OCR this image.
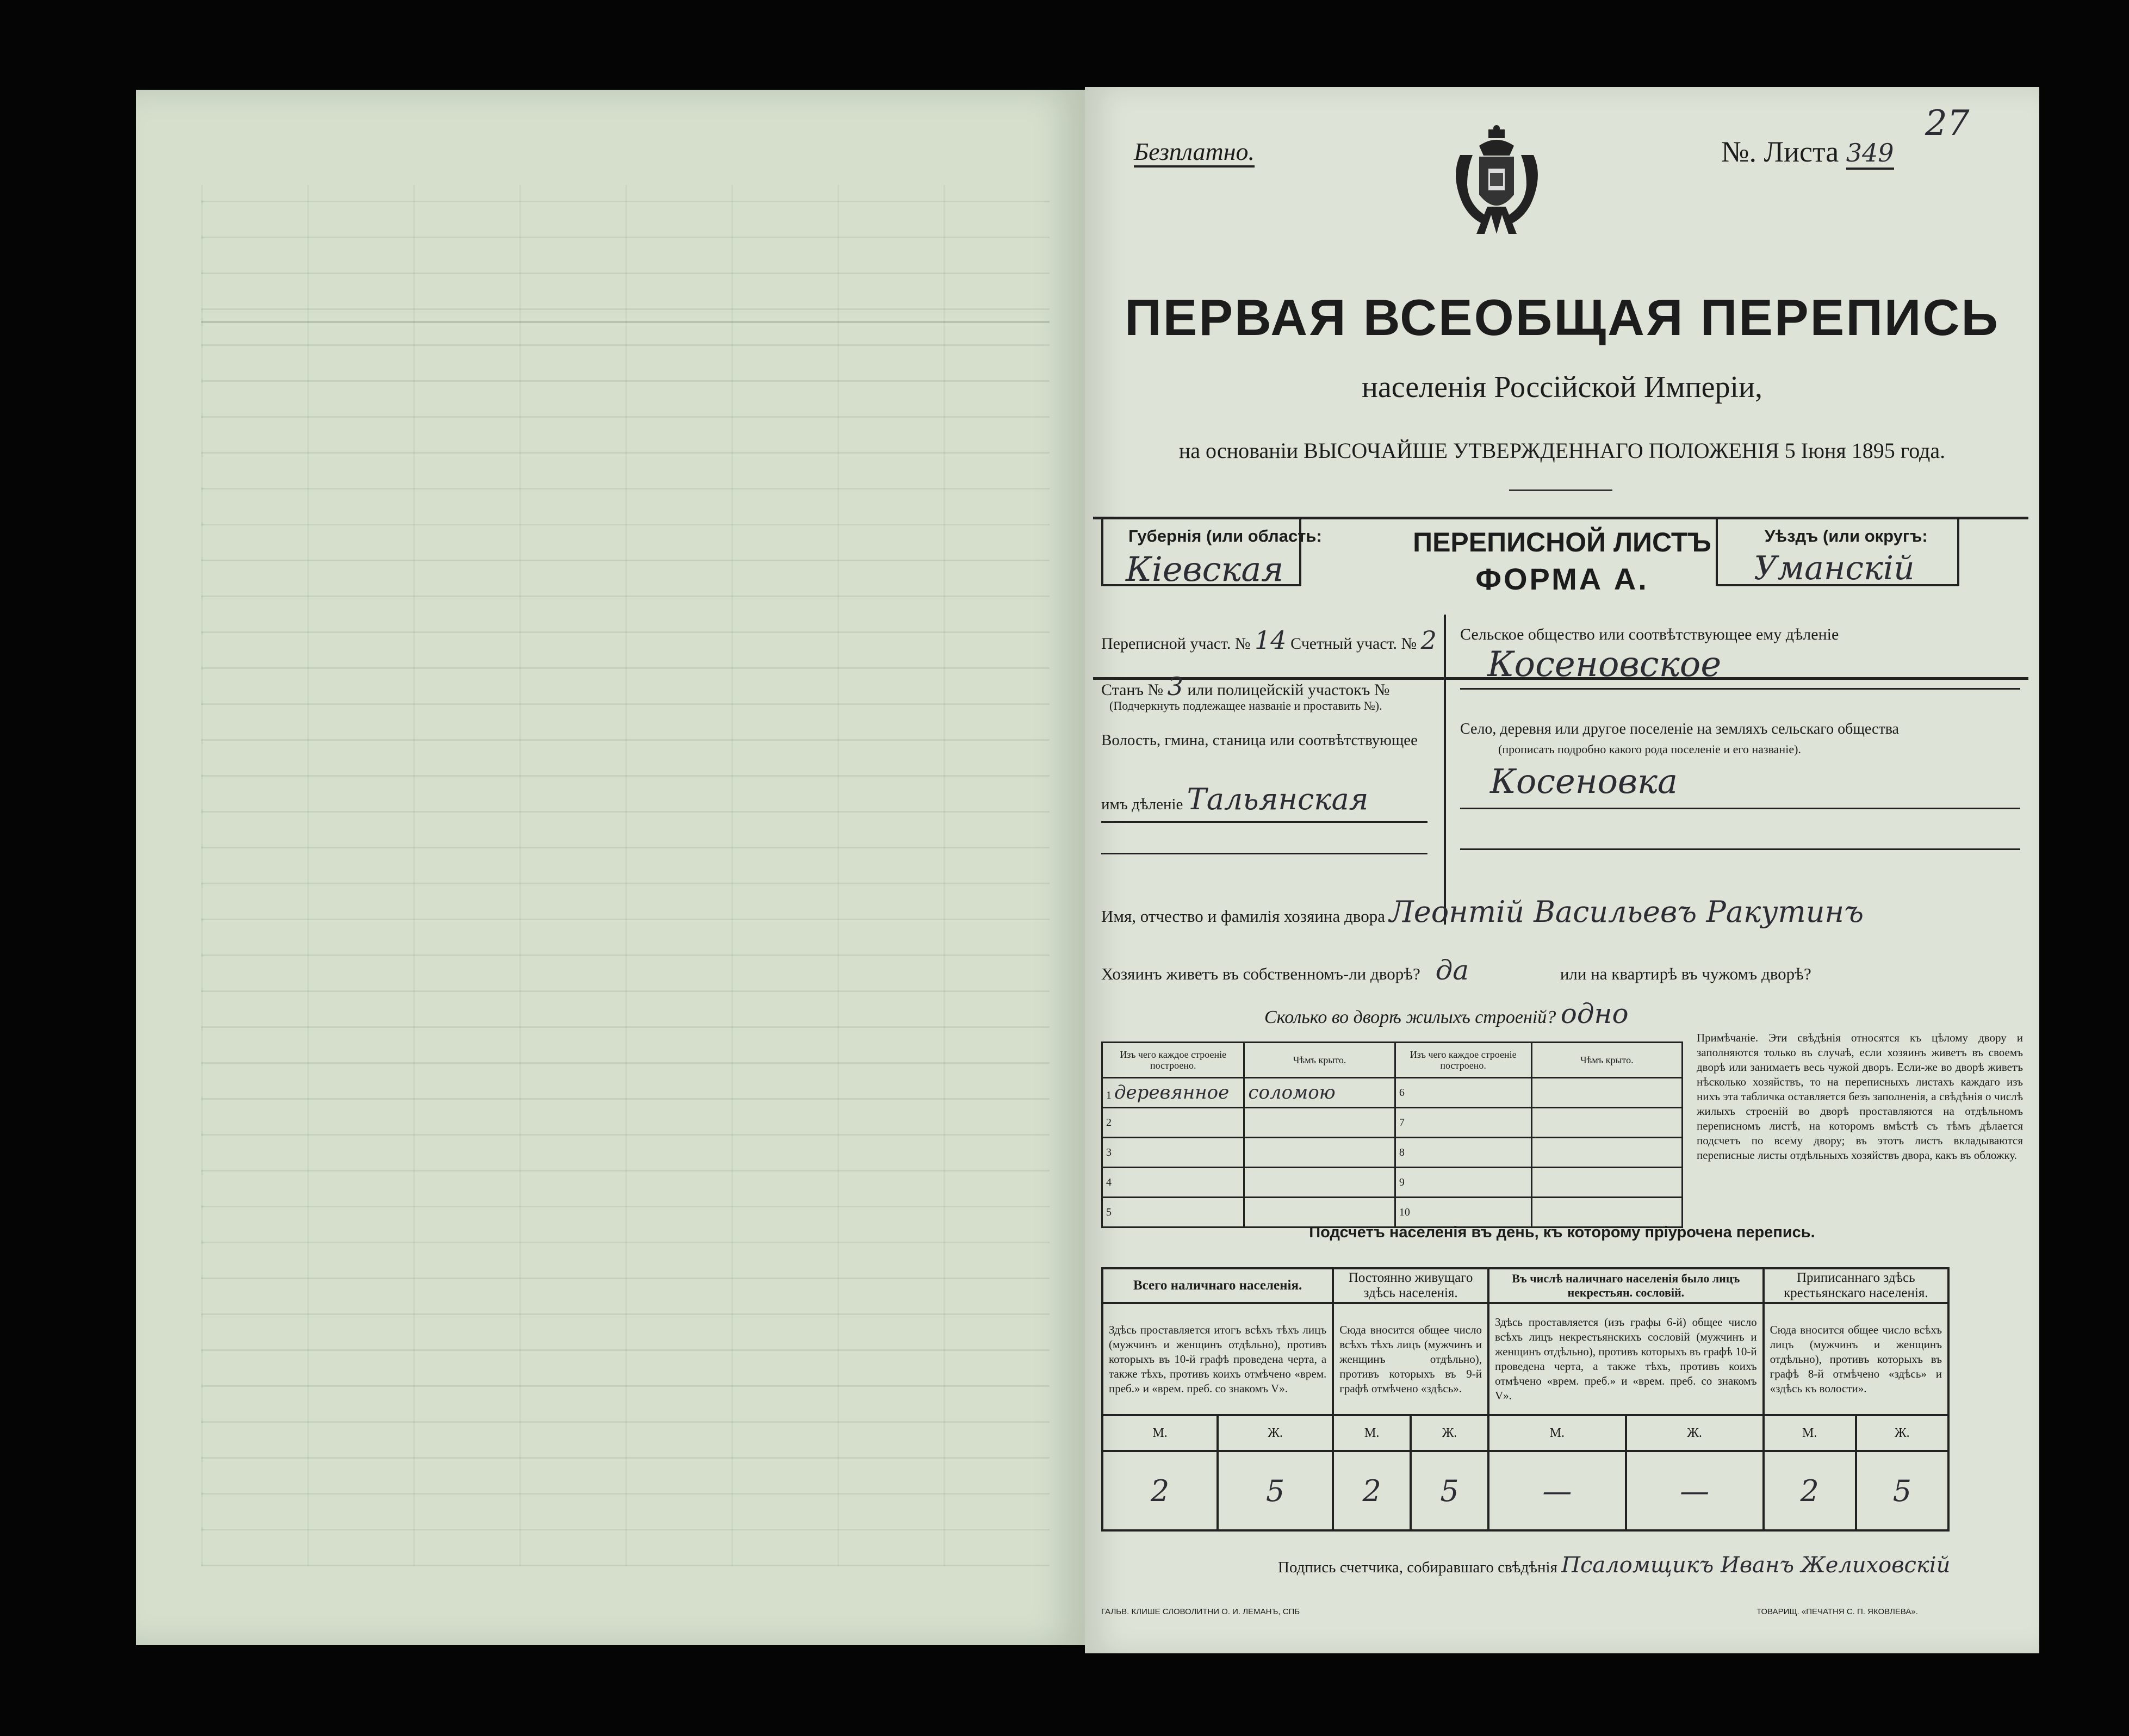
Безплатно.	№. Листа 349
27
ПЕРВАЯ ВСЕОБЩАЯ ПЕРЕПИСЬ
населенія Россійской Имперіи,
на основаніи ВЫСОЧАЙШЕ УТВЕРЖДЕННАГО ПОЛОЖЕНІЯ 5 Іюня 1895 года.
Губернія (или область:
Кіевская
ПЕРЕПИСНОЙ ЛИСТЪ
ФОРМА А.
Уѣздъ (или округъ:
Уманскій
Переписной участ. № 14 Счетный участ. № 2
Станъ № 3 или полицейскій участокъ №
(Подчеркнуть подлежащее названіе и проставить №).
Волость, гмина, станица или соотвѣтствующее
имъ дѣленіе Тальянская
Сельское общество или соотвѣтствующее ему дѣленіе
Косеновское
Село, деревня или другое поселеніе на земляхъ сельскаго общества
(прописать подробно какого рода поселеніе и его названіе).
Косеновка
Имя, отчество и фамилія хозяина двора Леонтій Васильевъ Ракутинъ
Хозяинъ живетъ въ собственномъ-ли дворѣ? да	или на квартирѣ въ чужомъ дворѣ?
Сколько во дворѣ жилыхъ строеній? одно
Изъ чего каждое строеніе построено.	Чѣмъ крыто.	Изъ чего каждое строеніе построено.	Чѣмъ крыто.
1 деревянное	соломою	6	
2		7	
3		8	
4		9	
5		10	
Примѣчаніе. Эти свѣдѣнія относятся къ цѣлому двору и заполняются только въ случаѣ, если хозяинъ живетъ въ своемъ дворѣ или занимаетъ весь чужой дворъ. Если-же во дворѣ живетъ нѣсколько хозяйствъ, то на переписныхъ листахъ каждаго изъ нихъ эта табличка оставляется безъ заполненія, а свѣдѣнія о числѣ жилыхъ строеній во дворѣ проставляются на отдѣльномъ переписномъ листѣ, на которомъ вмѣстѣ съ тѣмъ дѣлается подсчетъ по всему двору; въ этотъ листъ вкладываются переписные листы отдѣльныхъ хозяйствъ двора, какъ въ обложку.
Подсчетъ населенія въ день, къ которому пріурочена перепись.
Всего наличнаго населенія.		Постоянно живущаго здѣсь населенія.		Въ числѣ наличнаго населенія было лицъ некрестьян. сословій.		Приписаннаго здѣсь крестьянскаго населенія.	
Здѣсь проставляется итогъ всѣхъ тѣхъ лицъ (мужчинъ и женщинъ отдѣльно), противъ которыхъ въ 10-й графѣ проведена черта, а также тѣхъ, противъ коихъ отмѣчено «врем. преб.» и «врем. преб. со знакомъ V».		Сюда вносится общее число всѣхъ тѣхъ лицъ (мужчинъ и женщинъ отдѣльно), противъ которыхъ въ 9-й графѣ отмѣчено «здѣсь».		Здѣсь проставляется (изъ графы 6-й) общее число всѣхъ лицъ некрестьянскихъ сословій (мужчинъ и женщинъ отдѣльно), противъ которыхъ въ графѣ 10-й проведена черта, а также тѣхъ, противъ коихъ отмѣчено «врем. преб.» и «врем. преб. со знакомъ V».		Сюда вносится общее число всѣхъ лицъ (мужчинъ и женщинъ отдѣльно), противъ которыхъ въ графѣ 8-й отмѣчено «здѣсь» и «здѣсь къ волости».	
М.	Ж.	М.	Ж.	М.	Ж.	М.	Ж.
2	5	2	5	—	—	2	5
Подпись счетчика, собиравшаго свѣдѣнія Псаломщикъ Иванъ Желиховскій
ГАЛЬВ. КЛИШЕ СЛОВОЛИТНИ О. И. ЛЕМАНЪ, СПБ	ТОВАРИЩ. «ПЕЧАТНЯ С. П. ЯКОВЛЕВА».
